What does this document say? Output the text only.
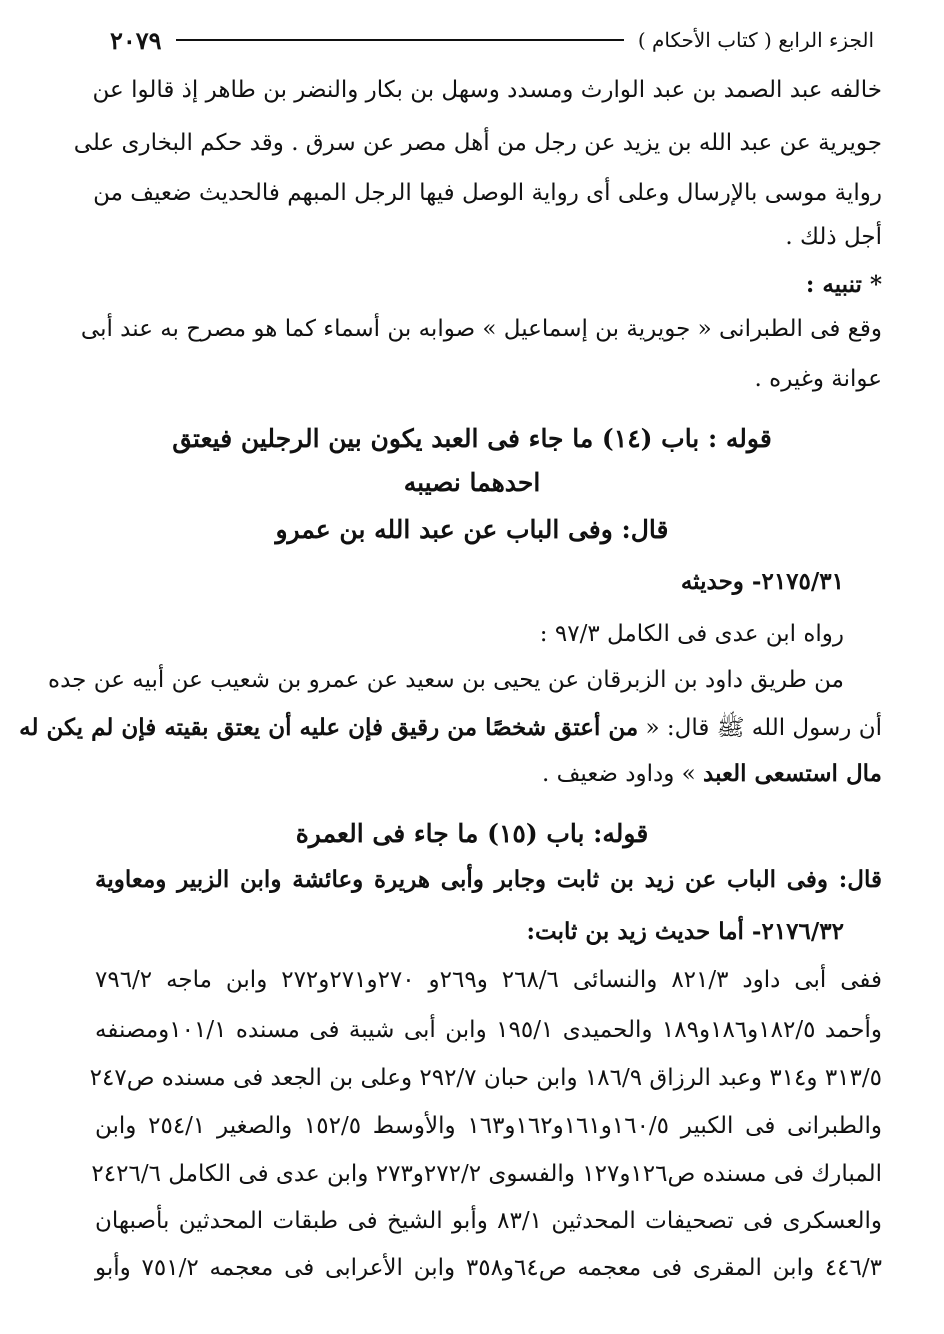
الجزء الرابع ( كتاب الأحكام )
٢٠٧٩
خالفه عبد الصمد بن عبد الوارث ومسدد وسهل بن بكار والنضر بن طاهر إذ قالوا عن
جويرية عن عبد الله بن يزيد عن رجل من أهل مصر عن سرق . وقد حكم البخارى على
رواية موسى بالإرسال وعلى أى رواية الوصل فيها الرجل المبهم فالحديث ضعيف من
أجل ذلك .
* تنبيه :
وقع فى الطبرانى « جويرية بن إسماعيل » صوابه بن أسماء كما هو مصرح به عند أبى
عوانة وغيره .
قوله : باب (١٤) ما جاء فى العبد يكون بين الرجلين فيعتق
احدهما نصيبه
قال: وفى الباب عن عبد الله بن عمرو
٢١٧٥/٣١- وحديثه
رواه ابن عدى فى الكامل ٩٧/٣ :
من طريق داود بن الزبرقان عن يحيى بن سعيد عن عمرو بن شعيب عن أبيه عن جده
أن رسول الله ﷺ قال: « من أعتق شخصًا من رقيق فإن عليه أن يعتق بقيته فإن لم يكن له
مال استسعى العبد » وداود ضعيف .
قوله: باب (١٥) ما جاء فى العمرة
قال: وفى الباب عن زيد بن ثابت وجابر وأبى هريرة وعائشة وابن الزبير ومعاوية
٢١٧٦/٣٢- أما حديث زيد بن ثابت:
ففى أبى داود ٨٢١/٣ والنسائى ٢٦٨/٦ و٢٦٩و ٢٧٠و٢٧١و٢٧٢ وابن ماجه ٧٩٦/٢
وأحمد ١٨٢/٥و١٨٦و١٨٩ والحميدى ١٩٥/١ وابن أبى شيبة فى مسنده ١٠١/١ومصنفه
٣١٣/٥ و٣١٤ وعبد الرزاق ١٨٦/٩ وابن حبان ٢٩٢/٧ وعلى بن الجعد فى مسنده ص٢٤٧
والطبرانى فى الكبير ١٦٠/٥و١٦١و١٦٢و١٦٣ والأوسط ١٥٢/٥ والصغير ٢٥٤/١ وابن
المبارك فى مسنده ص١٢٦و١٢٧ والفسوى ٢٧٢/٢و٢٧٣ وابن عدى فى الكامل ٢٤٢٦/٦
والعسكرى فى تصحيفات المحدثين ٨٣/١ وأبو الشيخ فى طبقات المحدثين بأصبهان
٤٤٦/٣ وابن المقرى فى معجمه ص٦٤و٣٥٨ وابن الأعرابى فى معجمه ٧٥١/٢ وأبو
